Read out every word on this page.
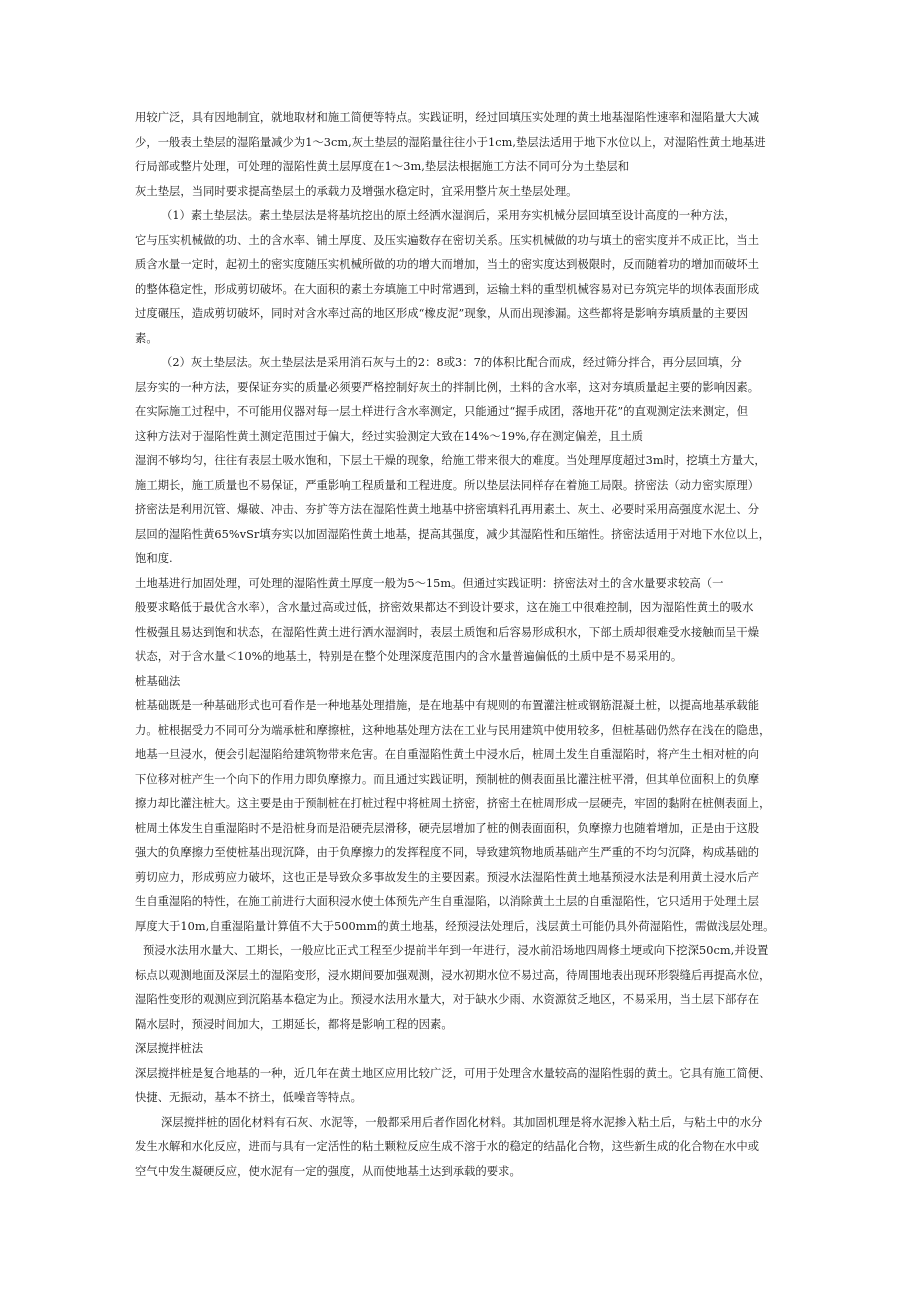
用较广泛，具有因地制宜，就地取材和施工简便等特点。实践证明，经过回填压实处理的黄土地基湿陷性速率和湿陷量大大减
少，一般表土垫层的湿陷量减少为1～3cm,灰土垫层的湿陷量往往小于1cm,垫层法适用于地下水位以上，对湿陷性黄土地基进
行局部或整片处理，可处理的湿陷性黄土层厚度在1～3m,垫层法根据施工方法不同可分为土垫层和
灰土垫层，当同时要求提高垫层土的承载力及增强水稳定时，宜采用整片灰土垫层处理。
（1）素土垫层法。素土垫层法是将基坑挖出的原土经洒水湿润后，采用夯实机械分层回填至设计高度的一种方法，
它与压实机械做的功、土的含水率、铺土厚度、及压实遍数存在密切关系。压实机械做的功与填土的密实度并不成正比，当土
质含水量一定时，起初土的密实度随压实机械所做的功的增大而增加，当土的密实度达到极限时，反而随着功的增加而破坏土
的整体稳定性，形成剪切破坏。在大面积的素土夯填施工中时常遇到，运输土料的重型机械容易对已夯筑完毕的坝体表面形成
过度碾压，造成剪切破坏，同时对含水率过高的地区形成“橡皮泥”现象，从而出现渗漏。这些都将是影响夯填质量的主要因
素。
（2）灰土垫层法。灰土垫层法是采用消石灰与土的2：8或3：7的体积比配合而成，经过筛分拌合，再分层回填，分
层夯实的一种方法，要保证夯实的质量必须要严格控制好灰土的拌制比例，土料的含水率，这对夯填质量起主要的影响因素。
在实际施工过程中，不可能用仪器对每一层土样进行含水率测定，只能通过“握手成团，落地开花”的直观测定法来测定，但
这种方法对于湿陷性黄土测定范围过于偏大，经过实验测定大致在14%～19%,存在测定偏差，且土质
湿润不够均匀，往往有表层土吸水饱和，下层土干燥的现象，给施工带来很大的难度。当处理厚度超过3m时，挖填土方量大，
施工期长，施工质量也不易保证，严重影响工程质量和工程进度。所以垫层法同样存在着施工局限。挤密法（动力密实原理）
挤密法是利用沉管、爆破、冲击、夯扩等方法在湿陷性黄土地基中挤密填料孔再用素土、灰土、必要时采用高强度水泥土、分
层回的湿陷性黄65%vSr填夯实以加固湿陷性黄土地基，提高其强度，减少其湿陷性和压缩性。挤密法适用于对地下水位以上，
饱和度.
土地基进行加固处理，可处理的湿陷性黄土厚度一般为5～15m。但通过实践证明：挤密法对土的含水量要求较高（一
般要求略低于最优含水率），含水量过高或过低，挤密效果都达不到设计要求，这在施工中很难控制，因为湿陷性黄土的吸水
性极强且易达到饱和状态，在湿陷性黄土进行洒水湿润时，表层土质饱和后容易形成积水，下部土质却很难受水接触而呈干燥
状态，对于含水量＜10%的地基土，特别是在整个处理深度范围内的含水量普遍偏低的土质中是不易采用的。
桩基础法
桩基础既是一种基础形式也可看作是一种地基处理措施，是在地基中有规则的布置灌注桩或钢筋混凝土桩，以提高地基承载能
力。桩根据受力不同可分为端承桩和摩擦桩，这种地基处理方法在工业与民用建筑中使用较多，但桩基础仍然存在浅在的隐患，
地基一旦浸水，便会引起湿陷给建筑物带来危害。在自重湿陷性黄土中浸水后，桩周土发生自重湿陷时，将产生土相对桩的向
下位移对桩产生一个向下的作用力即负摩擦力。而且通过实践证明，预制桩的侧表面虽比灌注桩平滑，但其单位面积上的负摩
擦力却比灌注桩大。这主要是由于预制桩在打桩过程中将桩周土挤密，挤密土在桩周形成一层硬壳，牢固的黏附在桩侧表面上，
桩周土体发生自重湿陷时不是沿桩身而是沿硬壳层滑移，硬壳层增加了桩的侧表面面积，负摩擦力也随着增加，正是由于这股
强大的负摩擦力至使桩基出现沉降，由于负摩擦力的发挥程度不同，导致建筑物地质基础产生严重的不均匀沉降，构成基础的
剪切应力，形成剪应力破坏，这也正是导致众多事故发生的主要因素。预浸水法湿陷性黄土地基预浸水法是利用黄土浸水后产
生自重湿陷的特性，在施工前进行大面积浸水使土体预先产生自重湿陷，以消除黄土土层的自重湿陷性，它只适用于处理土层
厚度大于10m,自重湿陷量计算值不大于500mm的黄土地基，经预浸法处理后，浅层黄土可能仍具外荷湿陷性，需做浅层处理。
预浸水法用水量大、工期长，一般应比正式工程至少提前半年到一年进行，浸水前沿场地四周修土埂或向下挖深50cm,并设置
标点以观测地面及深层土的湿陷变形，浸水期间要加强观测，浸水初期水位不易过高，待周围地表出现环形裂缝后再提高水位，
湿陷性变形的观测应到沉陷基本稳定为止。预浸水法用水量大，对于缺水少雨、水资源贫乏地区，不易采用，当土层下部存在
隔水层时，预浸时间加大，工期延长，都将是影响工程的因素。
深层搅拌桩法
深层搅拌桩是复合地基的一种，近几年在黄土地区应用比较广泛，可用于处理含水量较高的湿陷性弱的黄土。它具有施工简便、
快捷、无振动，基本不挤土，低噪音等特点。
深层搅拌桩的固化材料有石灰、水泥等，一般都采用后者作固化材料。其加固机理是将水泥掺入粘土后，与粘土中的水分
发生水解和水化反应，进而与具有一定活性的粘土颗粒反应生成不溶于水的稳定的结晶化合物，这些新生成的化合物在水中或
空气中发生凝硬反应，使水泥有一定的强度，从而使地基土达到承载的要求。
